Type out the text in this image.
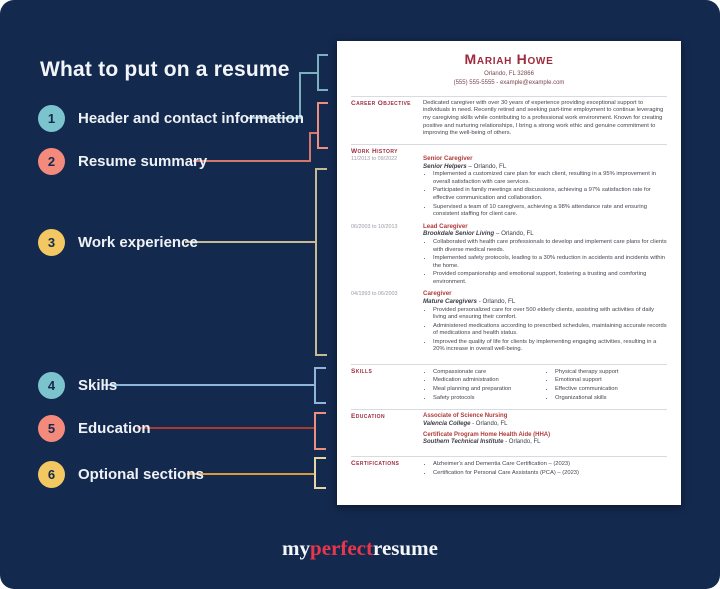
What to put on a resume
1	Header and contact information
2	Resume summary
3	Work experience
4	Skills
5	Education
6	Optional sections
Mariah Howe
Orlando, FL 32866
(555) 555-5555 - example@example.com
Career Objective	Dedicated caregiver with over 30 years of experience providing exceptional support to individuals in need. Recently retired and seeking part-time employment to continue leveraging my caregiving skills while contributing to a professional work environment. Known for creating positive and nurturing relationships, I bring a strong work ethic and genuine commitment to improving the well-being of others.
Work History
11/2013 to 09/2022	Senior Caregiver
Senior Helpers – Orlando, FL
• Implemented a customized care plan for each client, resulting in a 95% improvement in overall satisfaction with care services.
• Participated in family meetings and discussions, achieving a 97% satisfaction rate for effective communication and collaboration.
• Supervised a team of 10 caregivers, achieving a 98% attendance rate and ensuring consistent staffing for client care.
06/2003 to 10/2013	Lead Caregiver
Brookdale Senior Living – Orlando, FL
• Collaborated with health care professionals to develop and implement care plans for clients with diverse medical needs.
• Implemented safety protocols, leading to a 30% reduction in accidents and incidents within the home.
• Provided companionship and emotional support, fostering a trusting and comforting environment.
04/1993 to 06/2003	Caregiver
Mature Caregivers - Orlando, FL
• Provided personalized care for over 500 elderly clients, assisting with activities of daily living and ensuring their comfort.
• Administered medications according to prescribed schedules, maintaining accurate records of medications and health status.
• Improved the quality of life for clients by implementing engaging activities, resulting in a 20% increase in overall well-being.
Skills	• Compassionate care
• Medication administration
• Meal planning and preparation
• Safety protocols
• Physical therapy support
• Emotional support
• Effective communication
• Organizational skills
Education	Associate of Science Nursing
Valencia College - Orlando, FL
Certificate Program Home Health Aide (HHA)
Southern Technical Institute - Orlando, FL
Certifications	• Alzheimer's and Dementia Care Certification – (2023)
• Certification for Personal Care Assistants (PCA) – (2023)
myperfectresume
